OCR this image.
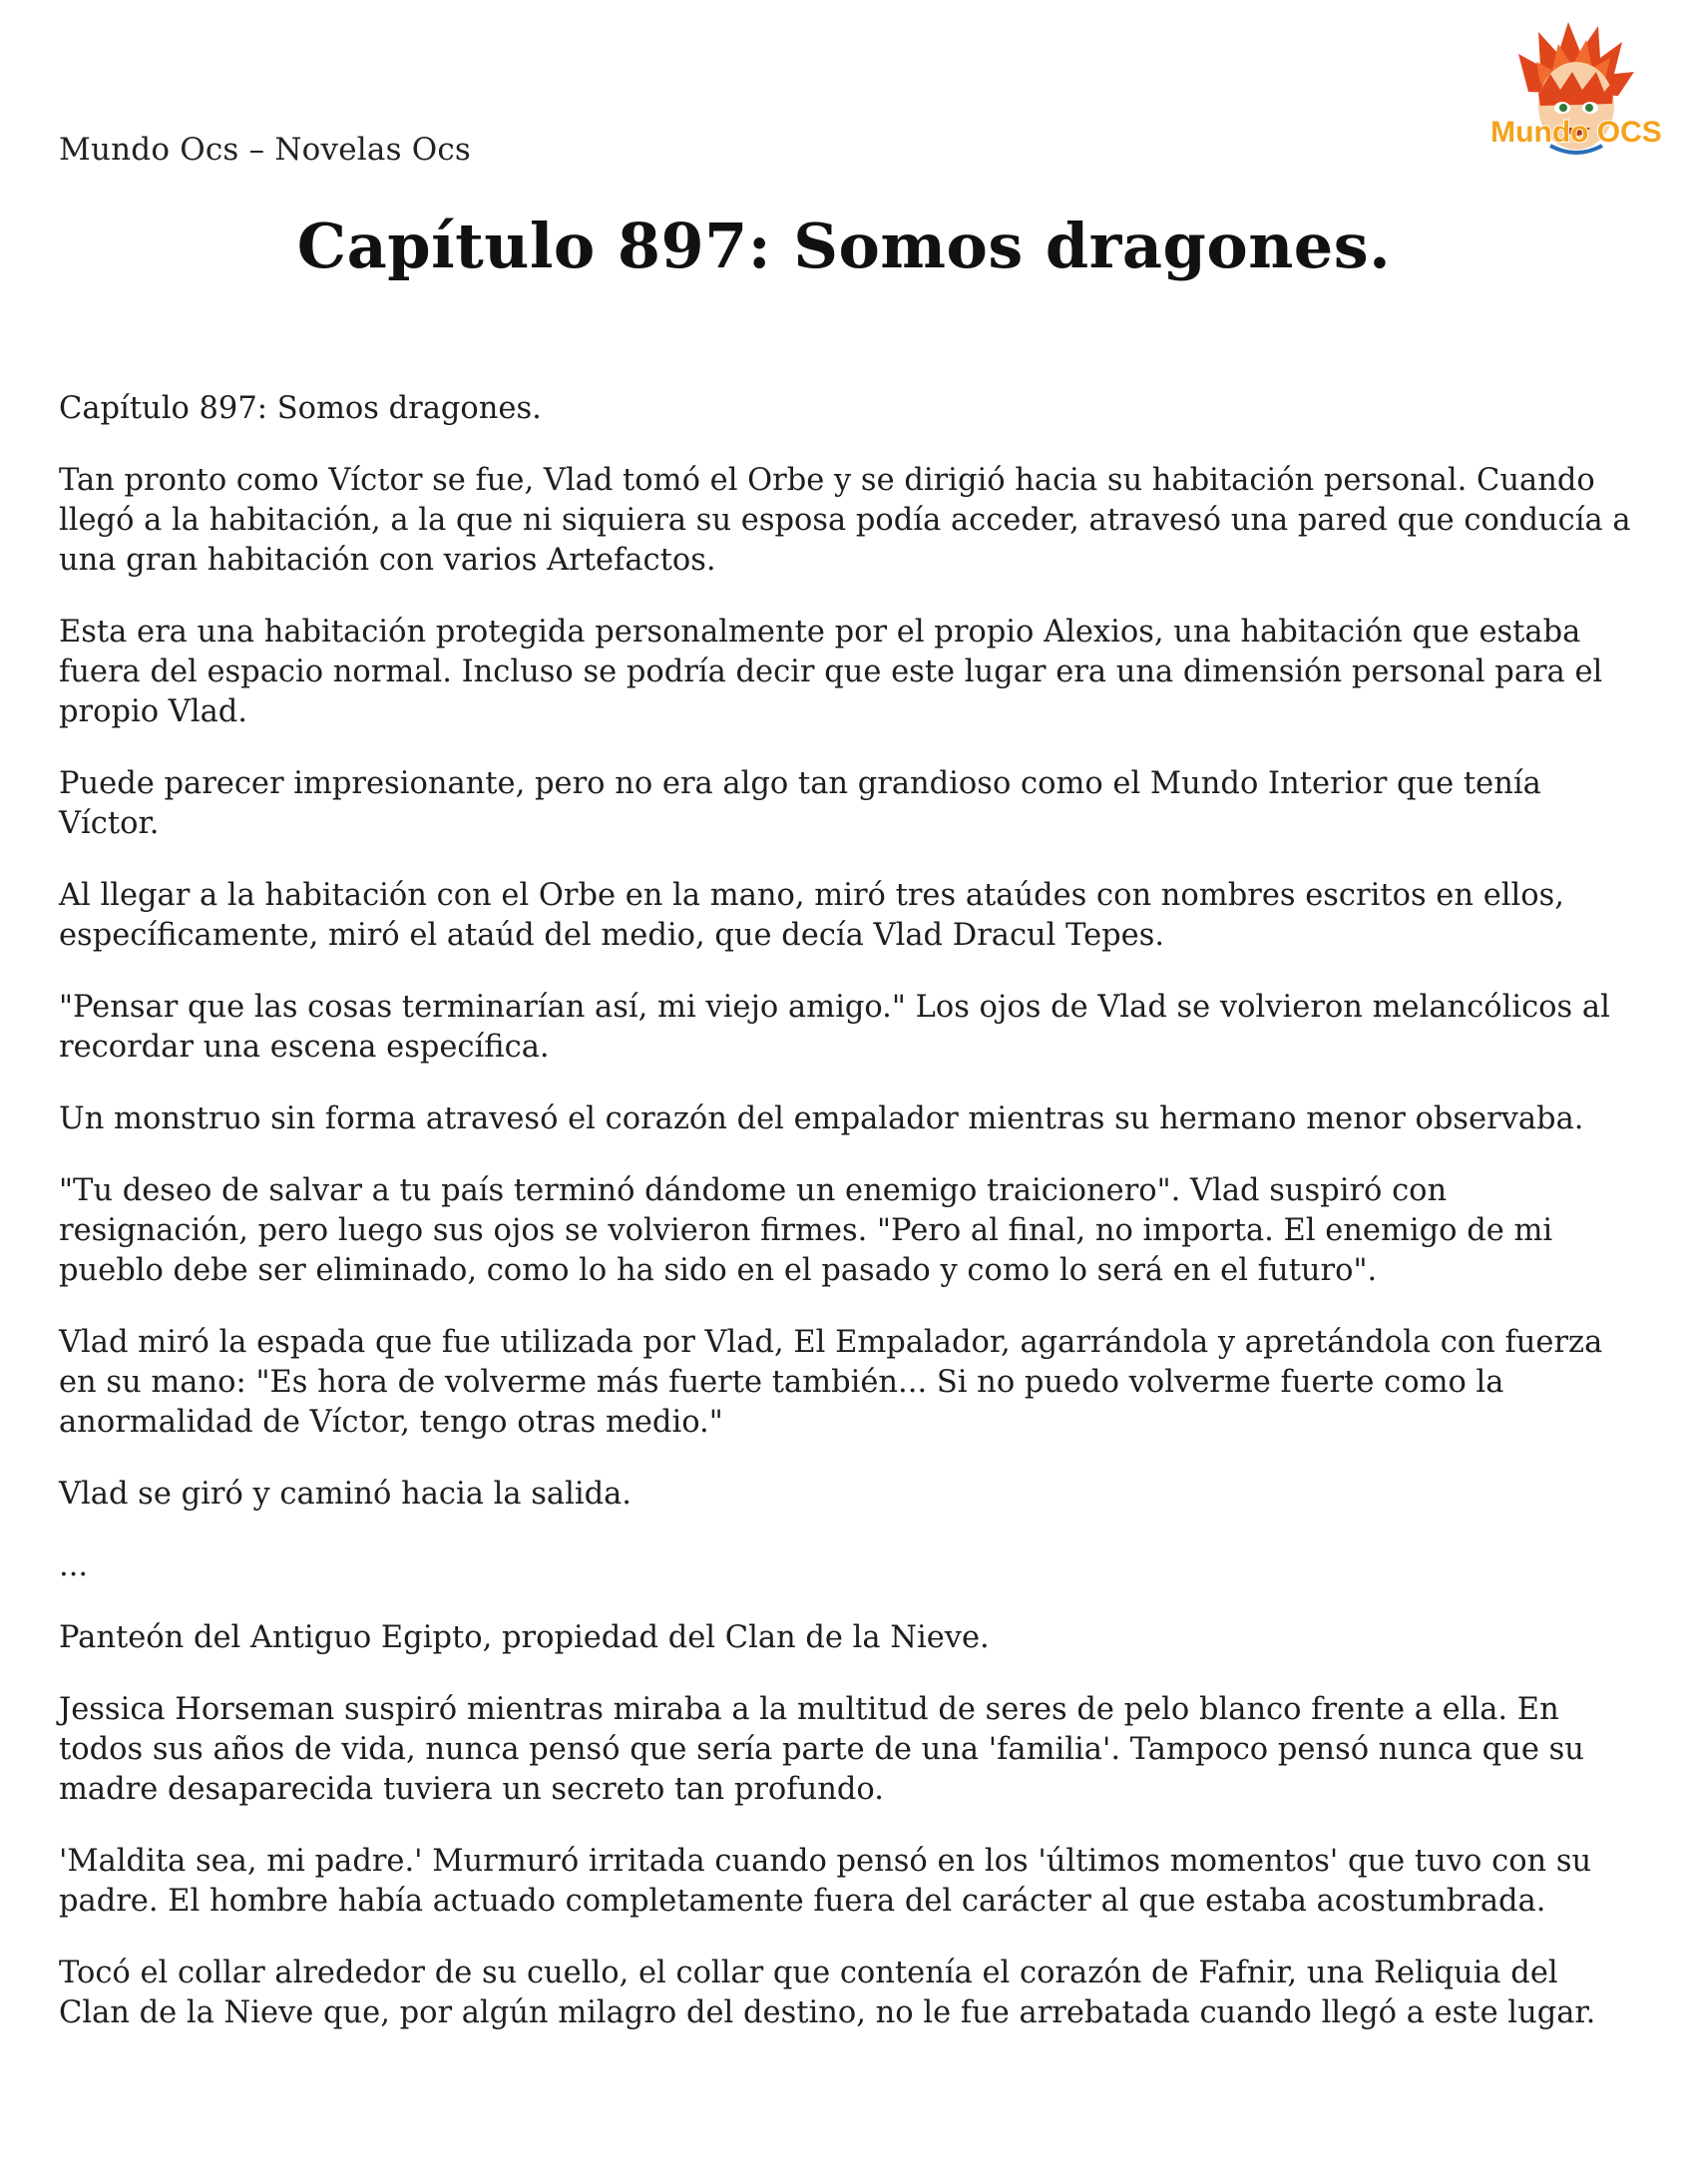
Mundo Ocs – Novelas Ocs	Mundo OCS
Capítulo 897: Somos dragones.

Capítulo 897: Somos dragones.

Tan pronto como Víctor se fue, Vlad tomó el Orbe y se dirigió hacia su habitación personal. Cuando llegó a la habitación, a la que ni siquiera su esposa podía acceder, atravesó una pared que conducía a una gran habitación con varios Artefactos.

Esta era una habitación protegida personalmente por el propio Alexios, una habitación que estaba fuera del espacio normal. Incluso se podría decir que este lugar era una dimensión personal para el propio Vlad.

Puede parecer impresionante, pero no era algo tan grandioso como el Mundo Interior que tenía Víctor.

Al llegar a la habitación con el Orbe en la mano, miró tres ataúdes con nombres escritos en ellos, específicamente, miró el ataúd del medio, que decía Vlad Dracul Tepes.

"Pensar que las cosas terminarían así, mi viejo amigo." Los ojos de Vlad se volvieron melancólicos al recordar una escena específica.

Un monstruo sin forma atravesó el corazón del empalador mientras su hermano menor observaba.

"Tu deseo de salvar a tu país terminó dándome un enemigo traicionero". Vlad suspiró con resignación, pero luego sus ojos se volvieron firmes. "Pero al final, no importa. El enemigo de mi pueblo debe ser eliminado, como lo ha sido en el pasado y como lo será en el futuro".

Vlad miró la espada que fue utilizada por Vlad, El Empalador, agarrándola y apretándola con fuerza en su mano: "Es hora de volverme más fuerte también... Si no puedo volverme fuerte como la anormalidad de Víctor, tengo otras medio."

Vlad se giró y caminó hacia la salida.

...

Panteón del Antiguo Egipto, propiedad del Clan de la Nieve.

Jessica Horseman suspiró mientras miraba a la multitud de seres de pelo blanco frente a ella. En todos sus años de vida, nunca pensó que sería parte de una 'familia'. Tampoco pensó nunca que su madre desaparecida tuviera un secreto tan profundo.

'Maldita sea, mi padre.' Murmuró irritada cuando pensó en los 'últimos momentos' que tuvo con su padre. El hombre había actuado completamente fuera del carácter al que estaba acostumbrada.

Tocó el collar alrededor de su cuello, el collar que contenía el corazón de Fafnir, una Reliquia del Clan de la Nieve que, por algún milagro del destino, no le fue arrebatada cuando llegó a este lugar.
